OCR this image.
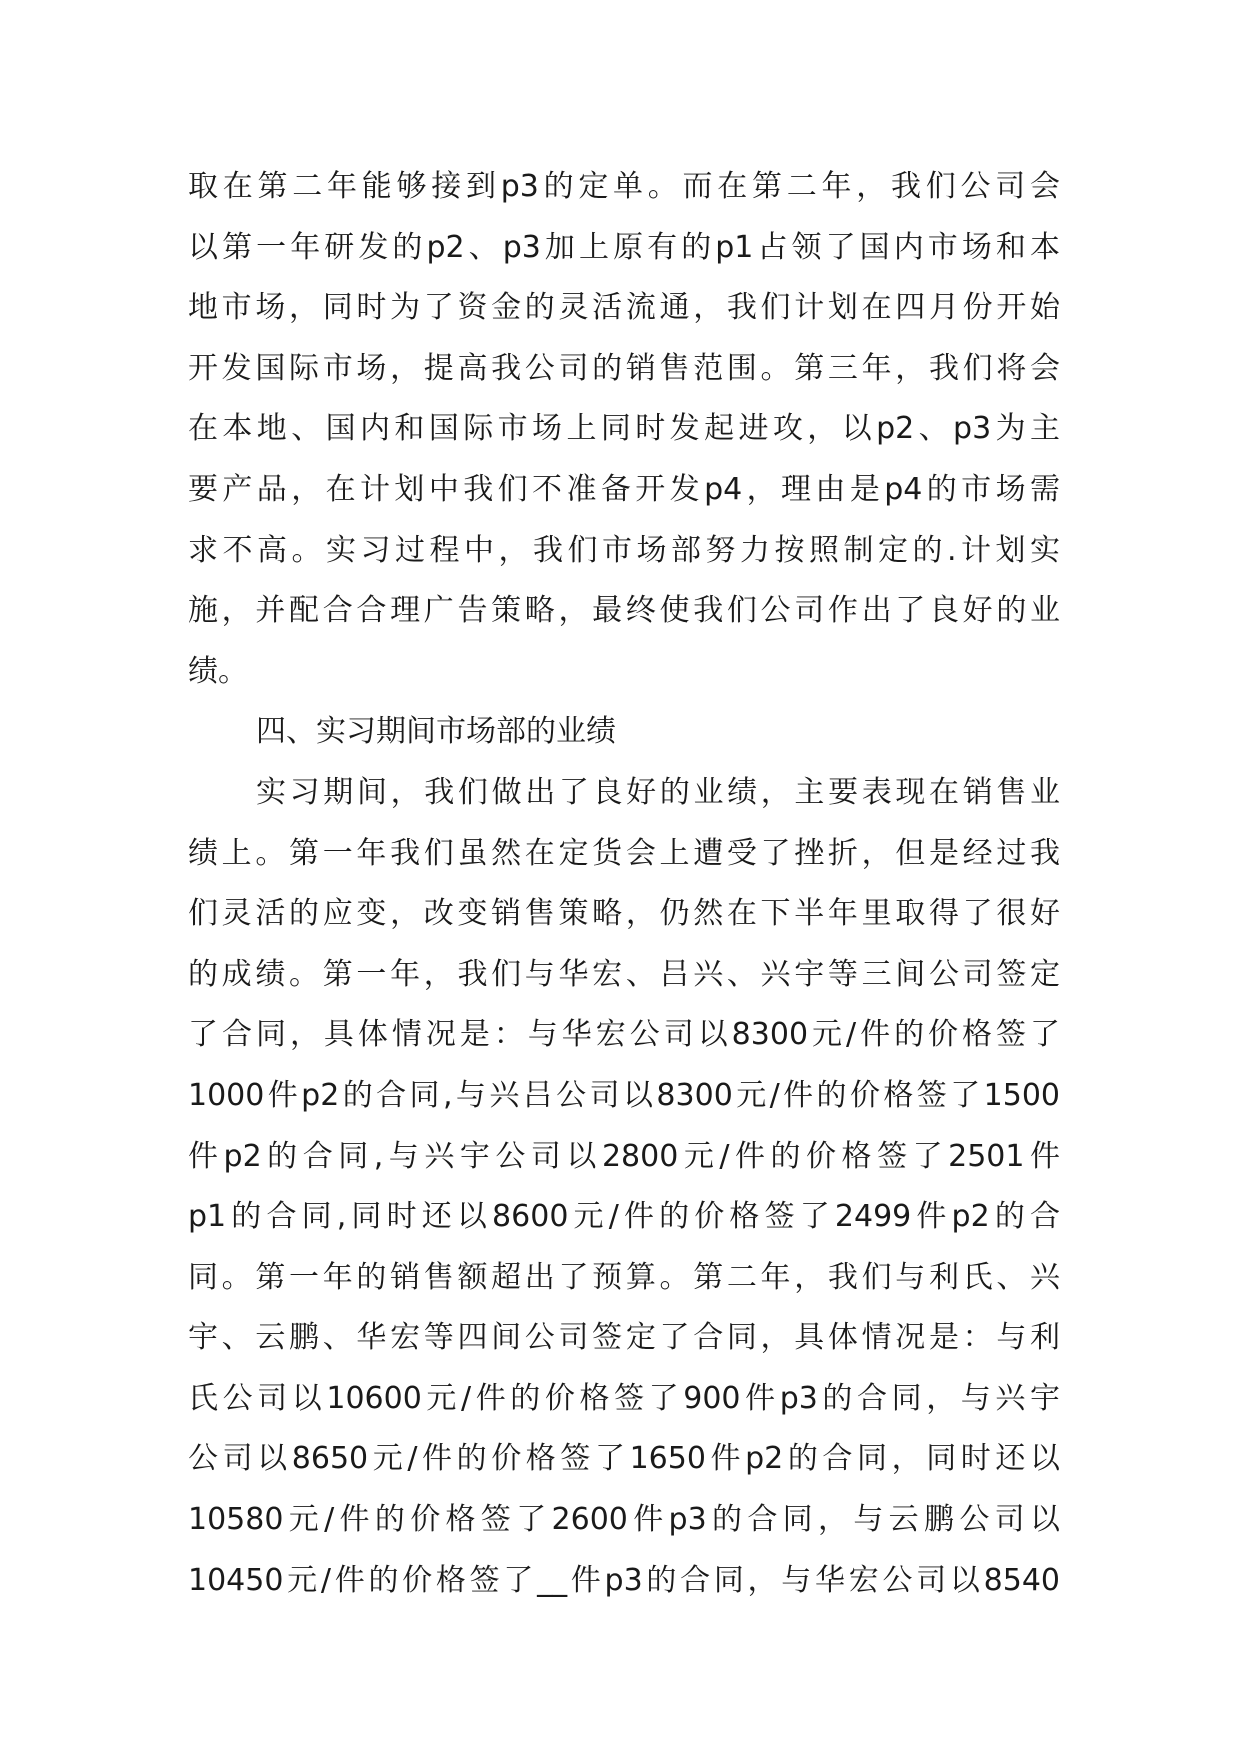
取在第二年能够接到p3的定单。而在第二年，我们公司会
以第一年研发的p2、p3加上原有的p1占领了国内市场和本
地市场，同时为了资金的灵活流通，我们计划在四月份开始
开发国际市场，提高我公司的销售范围。第三年，我们将会
在本地、国内和国际市场上同时发起进攻，以p2、p3为主
要产品，在计划中我们不准备开发p4，理由是p4的市场需
求不高。实习过程中，我们市场部努力按照制定的.计划实
施，并配合合理广告策略，最终使我们公司作出了良好的业
绩。
四、实习期间市场部的业绩
实习期间，我们做出了良好的业绩，主要表现在销售业
绩上。第一年我们虽然在定货会上遭受了挫折，但是经过我
们灵活的应变，改变销售策略，仍然在下半年里取得了很好
的成绩。第一年，我们与华宏、吕兴、兴宇等三间公司签定
了合同，具体情况是：与华宏公司以8300元/件的价格签了
1000件p2的合同,与兴吕公司以8300元/件的价格签了1500
件p2的合同,与兴宇公司以2800元/件的价格签了2501件
p1的合同,同时还以8600元/件的价格签了2499件p2的合
同。第一年的销售额超出了预算。第二年，我们与利氏、兴
宇、云鹏、华宏等四间公司签定了合同，具体情况是：与利
氏公司以10600元/件的价格签了900件p3的合同，与兴宇
公司以8650元/件的价格签了1650件p2的合同，同时还以
10580元/件的价格签了2600件p3的合同，与云鹏公司以
10450元/件的价格签了__件p3的合同，与华宏公司以8540
